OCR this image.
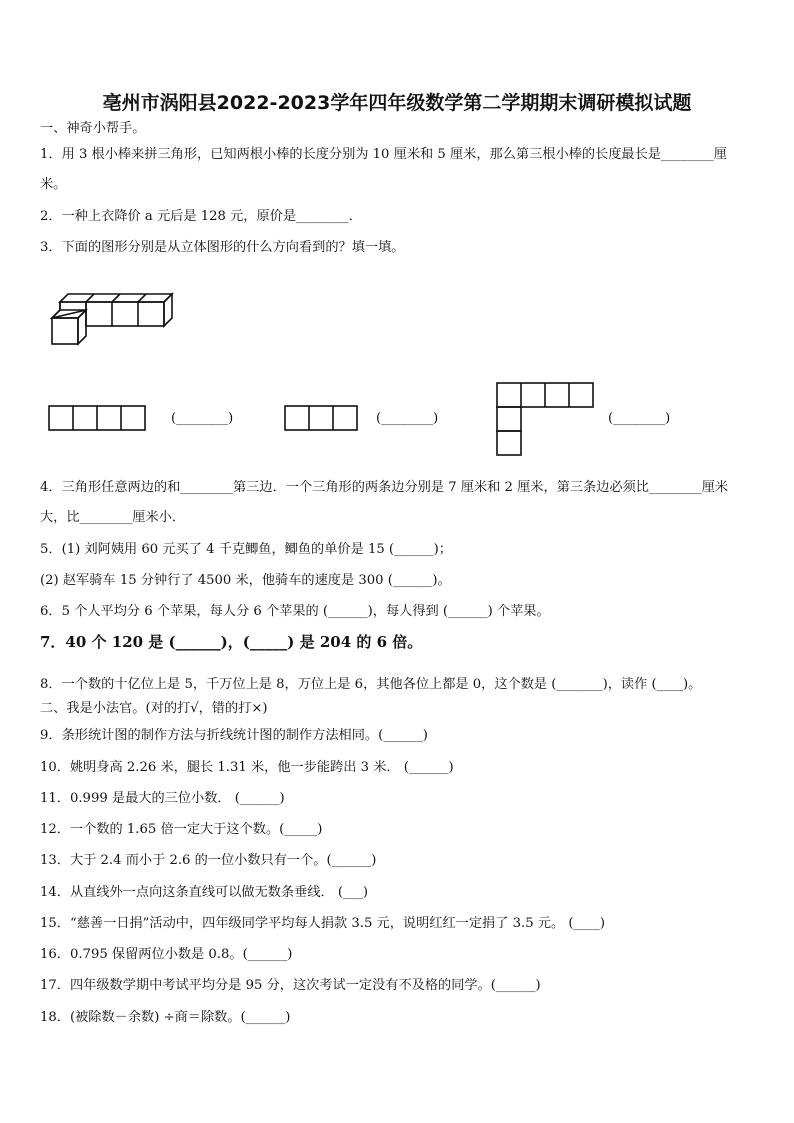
亳州市涡阳县2022-2023学年四年级数学第二学期期末调研模拟试题
一、神奇小帮手。
1．用 3 根小棒来拼三角形，已知两根小棒的长度分别为 10 厘米和 5 厘米，那么第三根小棒的长度最长是________厘
米。
2．一种上衣降价 a 元后是 128 元，原价是________．
3．下面的图形分别是从立体图形的什么方向看到的？填一填。
(________)	(________)	(________)
4．三角形任意两边的和________第三边．一个三角形的两条边分别是 7 厘米和 2 厘米，第三条边必须比________厘米
大，比________厘米小．
5．(1) 刘阿姨用 60 元买了 4 千克鲫鱼，鲫鱼的单价是 15 (______)；
(2) 赵军骑车 15 分钟行了 4500 米，他骑车的速度是 300 (______)。
6．5 个人平均分 6 个苹果，每人分 6 个苹果的 (______)，每人得到 (______) 个苹果。
7．40 个 120 是 (______)，(_____) 是 204 的 6 倍。
8．一个数的十亿位上是 5，千万位上是 8，万位上是 6，其他各位上都是 0，这个数是 (_______)，读作 (____)。
二、我是小法官。(对的打√，错的打×)
9．条形统计图的制作方法与折线统计图的制作方法相同。(______)
10．姚明身高 2.26 米，腿长 1.31 米，他一步能跨出 3 米． (______)
11．0.999 是最大的三位小数． (______)
12．一个数的 1.65 倍一定大于这个数。(_____)
13．大于 2.4 而小于 2.6 的一位小数只有一个。(______)
14．从直线外一点向这条直线可以做无数条垂线． (___)
15．“慈善一日捐”活动中，四年级同学平均每人捐款 3.5 元，说明红红一定捐了 3.5 元。 (____)
16．0.795 保留两位小数是 0.8。(______)
17．四年级数学期中考试平均分是 95 分，这次考试一定没有不及格的同学。(______)
18．(被除数－余数) ÷商＝除数。(______)
